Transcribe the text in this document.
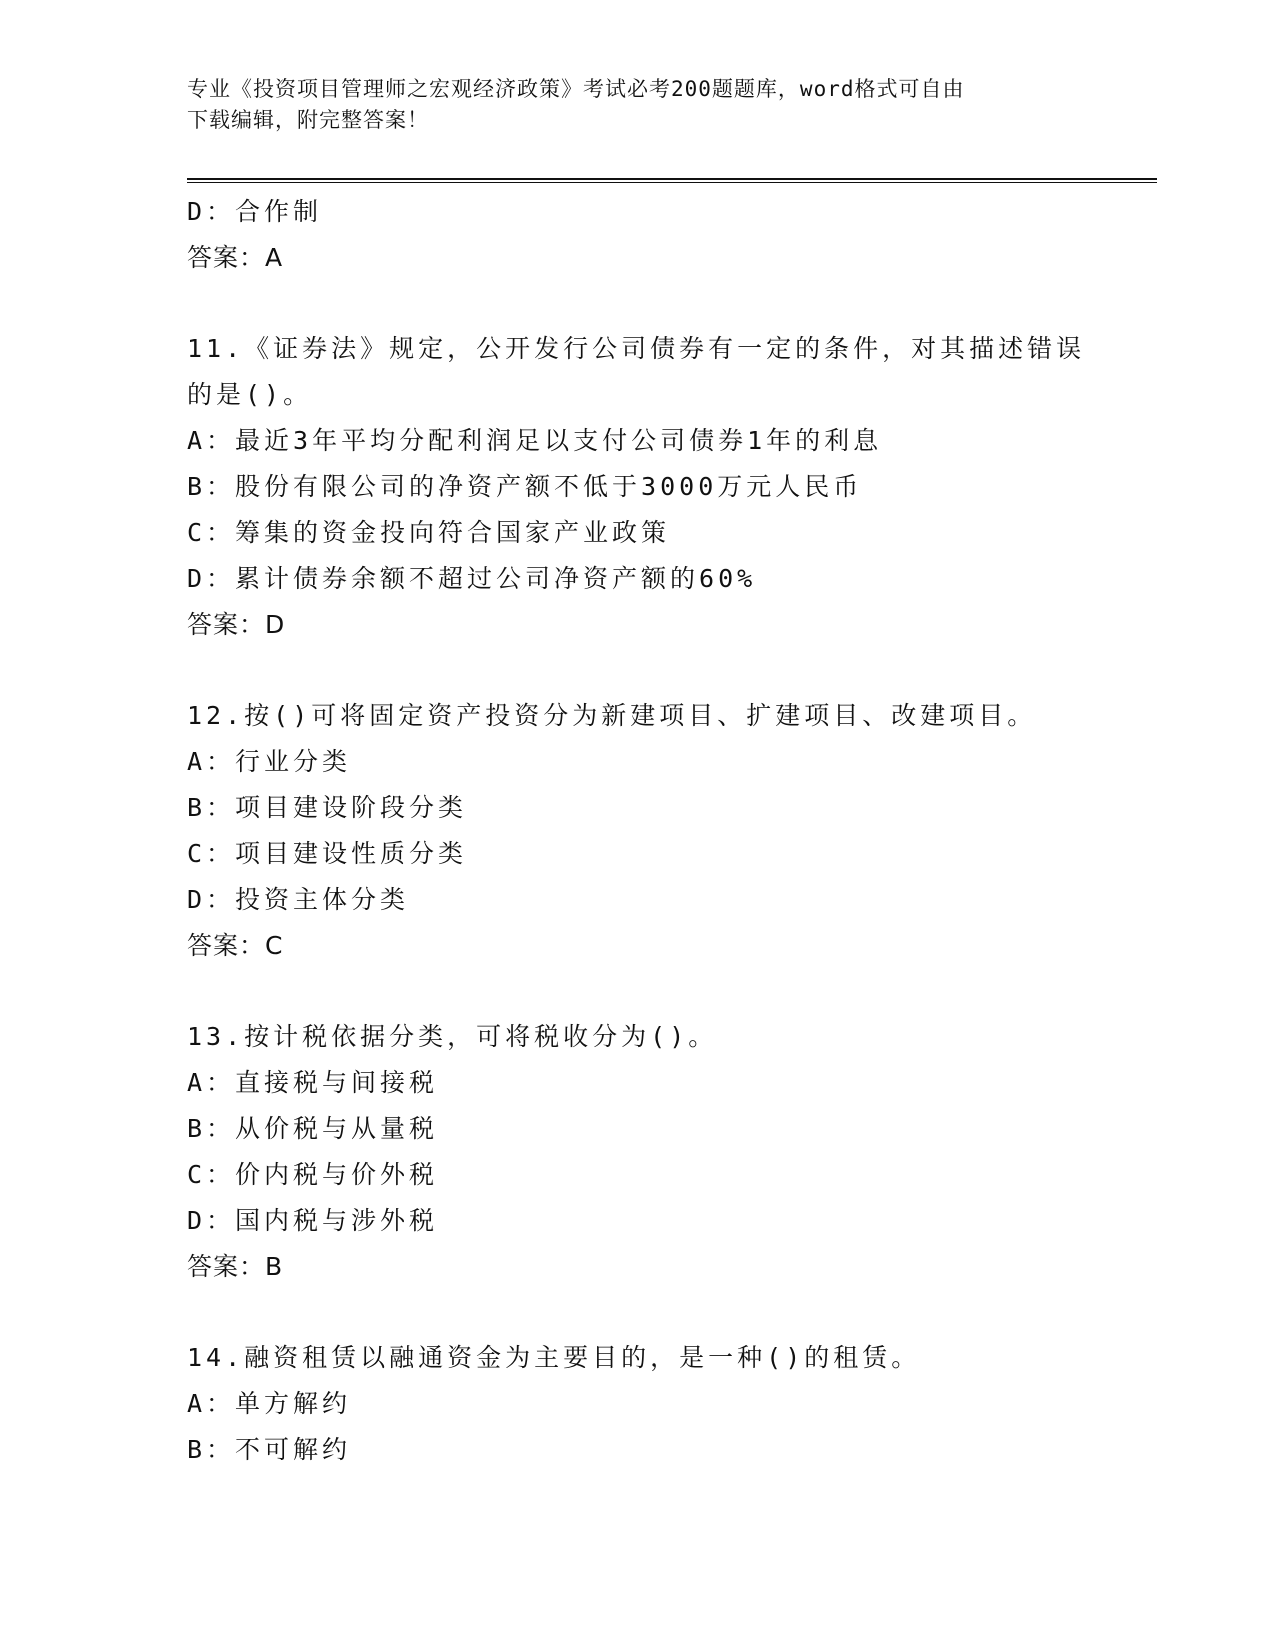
专业《投资项目管理师之宏观经济政策》考试必考200题题库，word格式可自由
下载编辑，附完整答案！
D：合作制
答案：A
11.《证券法》规定，公开发行公司债券有一定的条件，对其描述错误
的是()。
A：最近3年平均分配利润足以支付公司债券1年的利息
B：股份有限公司的净资产额不低于3000万元人民币
C：筹集的资金投向符合国家产业政策
D：累计债券余额不超过公司净资产额的60%
答案：D
12.按()可将固定资产投资分为新建项目、扩建项目、改建项目。
A：行业分类
B：项目建设阶段分类
C：项目建设性质分类
D：投资主体分类
答案：C
13.按计税依据分类，可将税收分为()。
A：直接税与间接税
B：从价税与从量税
C：价内税与价外税
D：国内税与涉外税
答案：B
14.融资租赁以融通资金为主要目的，是一种()的租赁。
A：单方解约
B：不可解约
